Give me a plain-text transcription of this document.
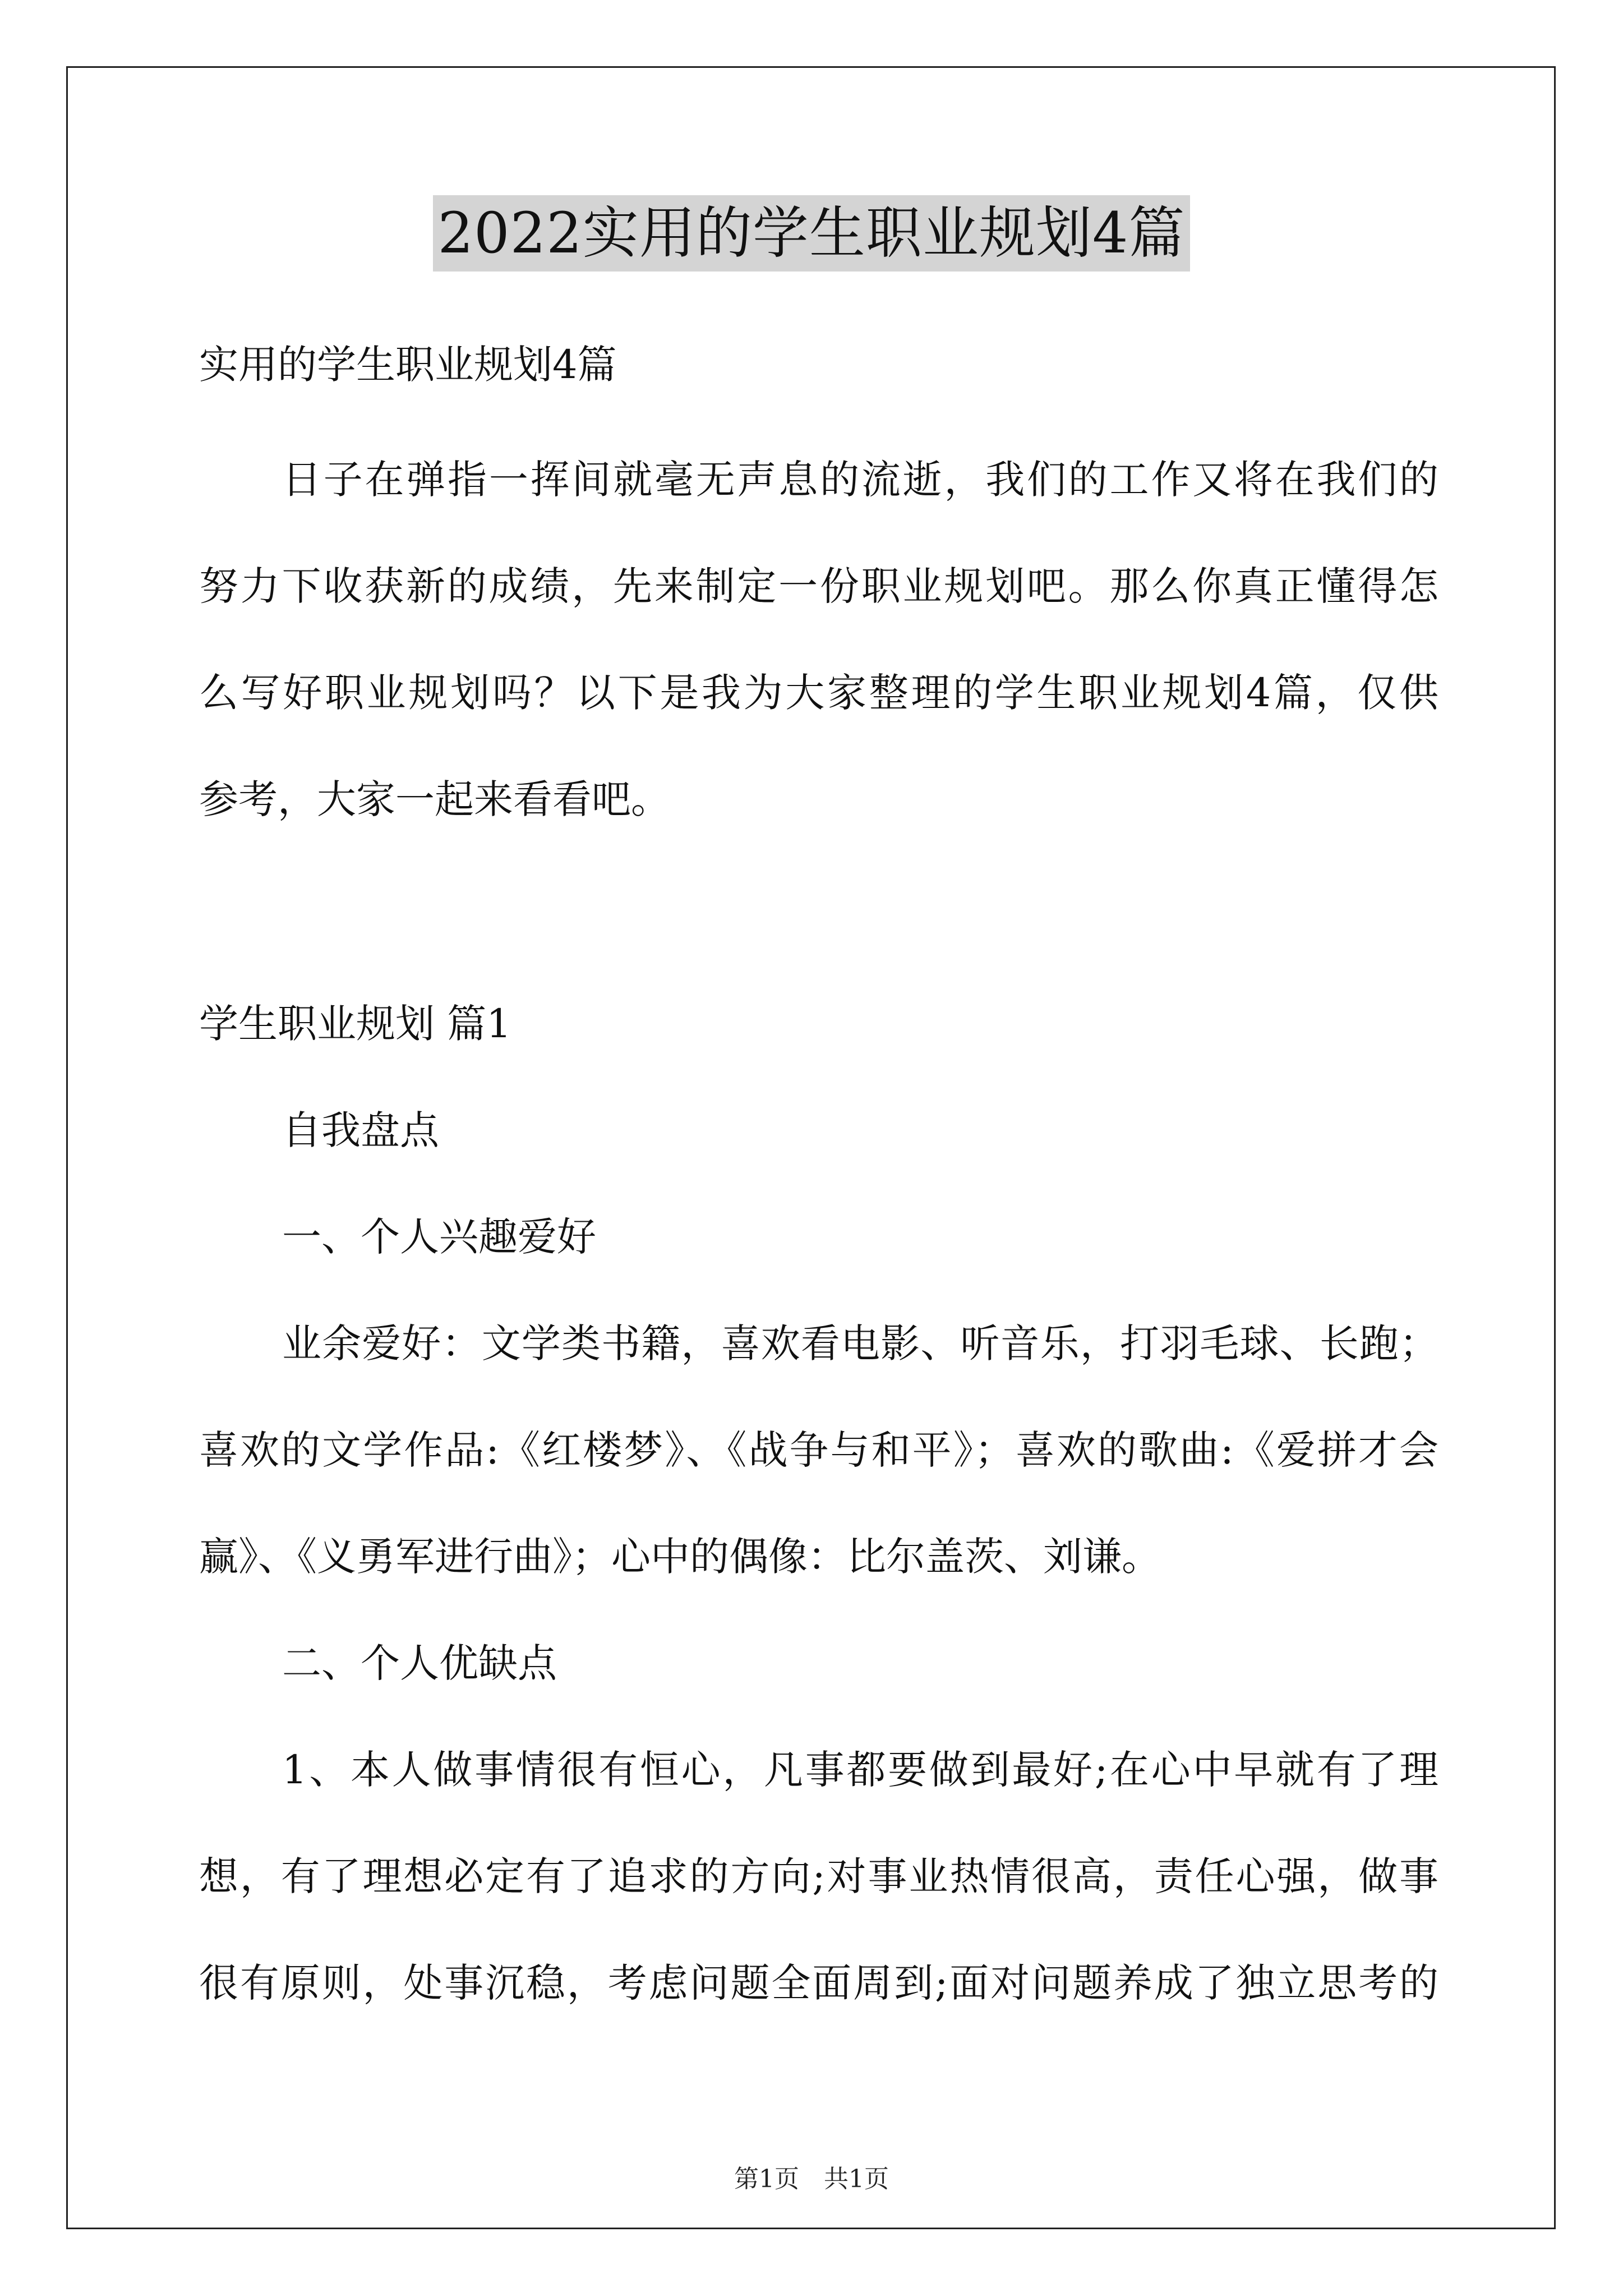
2022实用的学生职业规划4篇
实用的学生职业规划4篇
日子在弹指一挥间就毫无声息的流逝，我们的工作又将在我们的
努力下收获新的成绩，先来制定一份职业规划吧。那么你真正懂得怎
么写好职业规划吗？以下是我为大家整理的学生职业规划4篇，仅供
参考，大家一起来看看吧。
学生职业规划 篇1
自我盘点
一、个人兴趣爱好
业余爱好：文学类书籍，喜欢看电影、听音乐，打羽毛球、长跑；
喜欢的文学作品:《红楼梦》、《战争与和平》；喜欢的歌曲:《爱拼才会
赢》、《义勇军进行曲》；心中的偶像：比尔盖茨、刘谦。
二、个人优缺点
1、本人做事情很有恒心，凡事都要做到最好;在心中早就有了理
想，有了理想必定有了追求的方向;对事业热情很高，责任心强，做事
很有原则，处事沉稳，考虑问题全面周到;面对问题养成了独立思考的
第1页　共1页
